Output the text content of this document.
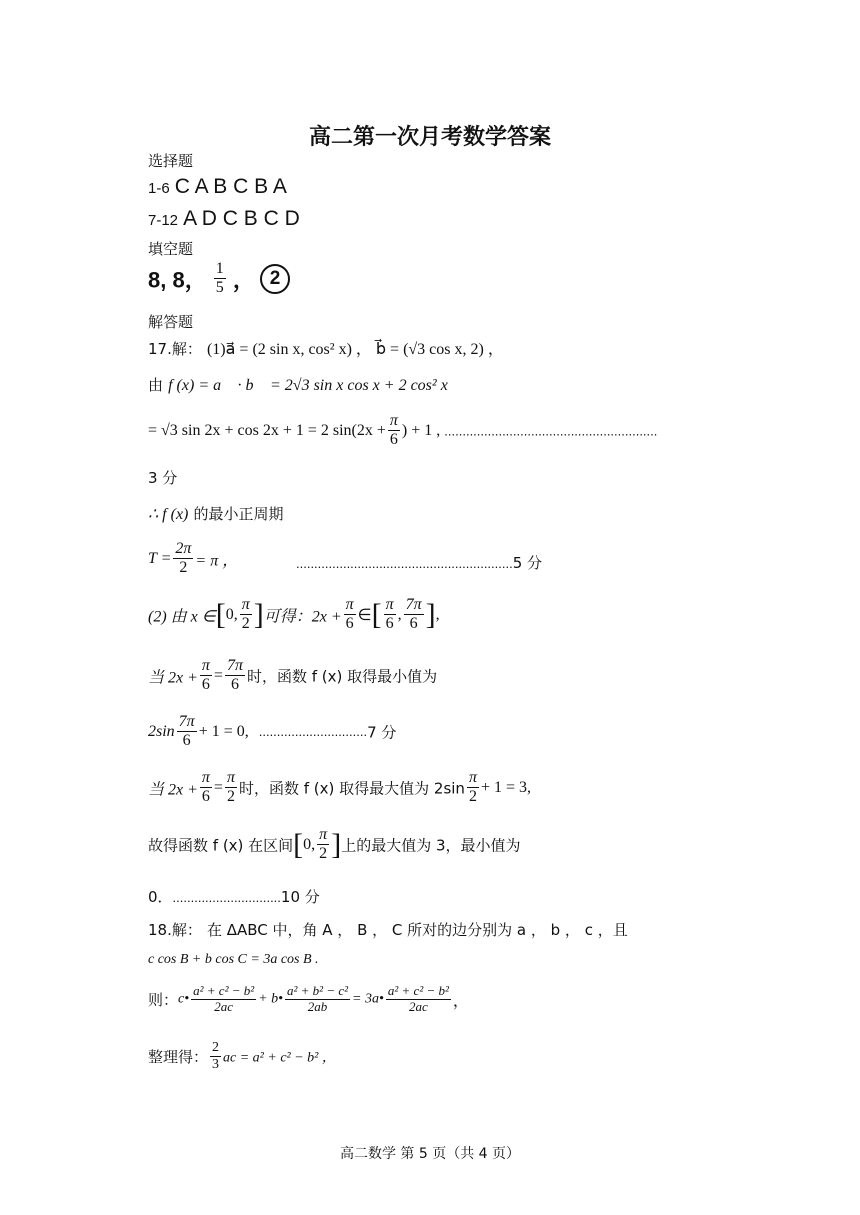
高二第一次月考数学答案
选择题
1-6 C A B C B A
7-12 A D C B C D
填空题
8, 8， $\frac{1}{5}$ ， 2
解答题
17.解： (1)a⃗ = (2 sin x, cos² x) ， b⃗ = (√3 cos x, 2) ，
由 f (x) = a⃗ · b⃗ = 2√3 sin x cos x + 2 cos² x
= √3 sin 2x + cos 2x + 1 = 2 $\sin(2x + \frac{\pi}{6}$ ) + 1 , ...........................................................
3 分
∴ f (x) 的最小正周期
$T = \frac{2\pi}{2} = \pi$ ，	............................................................5 分
(2) 由 x ∈[0, $\frac{\pi}{2}$ ]可得：$2x + \frac{\pi}{6}$ ∈[ $\frac{\pi}{6}$ , $\frac{7\pi}{6}$ ],
当 $2x + \frac{\pi}{6} = \frac{7\pi}{6}$ 时，函数 f (x) 取得最小值为
$2\sin \frac{7\pi}{6} + 1 = 0$, ..............................7 分
当 $2x + \frac{\pi}{6} = \frac{\pi}{2}$ 时，函数 f (x) 取得最大值为 $2\sin \frac{\pi}{2} + 1 = 3$,
故得函数 f (x) 在区间[0, $\frac{\pi}{2}$ ]上的最大值为 3，最小值为
0．..............................10 分
18.解： 在 ΔABC 中，角 A ， B ， C 所对的边分别为 a ， b ， c ，且
c cos B + b cos C = 3a cos B .
则：c• $\frac{\text{a² + c² − b²}}{2ac}$ + b• $\frac{\text{a² + b² − c²}}{2ab}$ = 3a• $\frac{\text{a² + c² − b²}}{2ac}$ ，
整理得： $\frac{2}{3}$ ac = a² + c² − b² ，
高二数学 第 5 页（共 4 页）
